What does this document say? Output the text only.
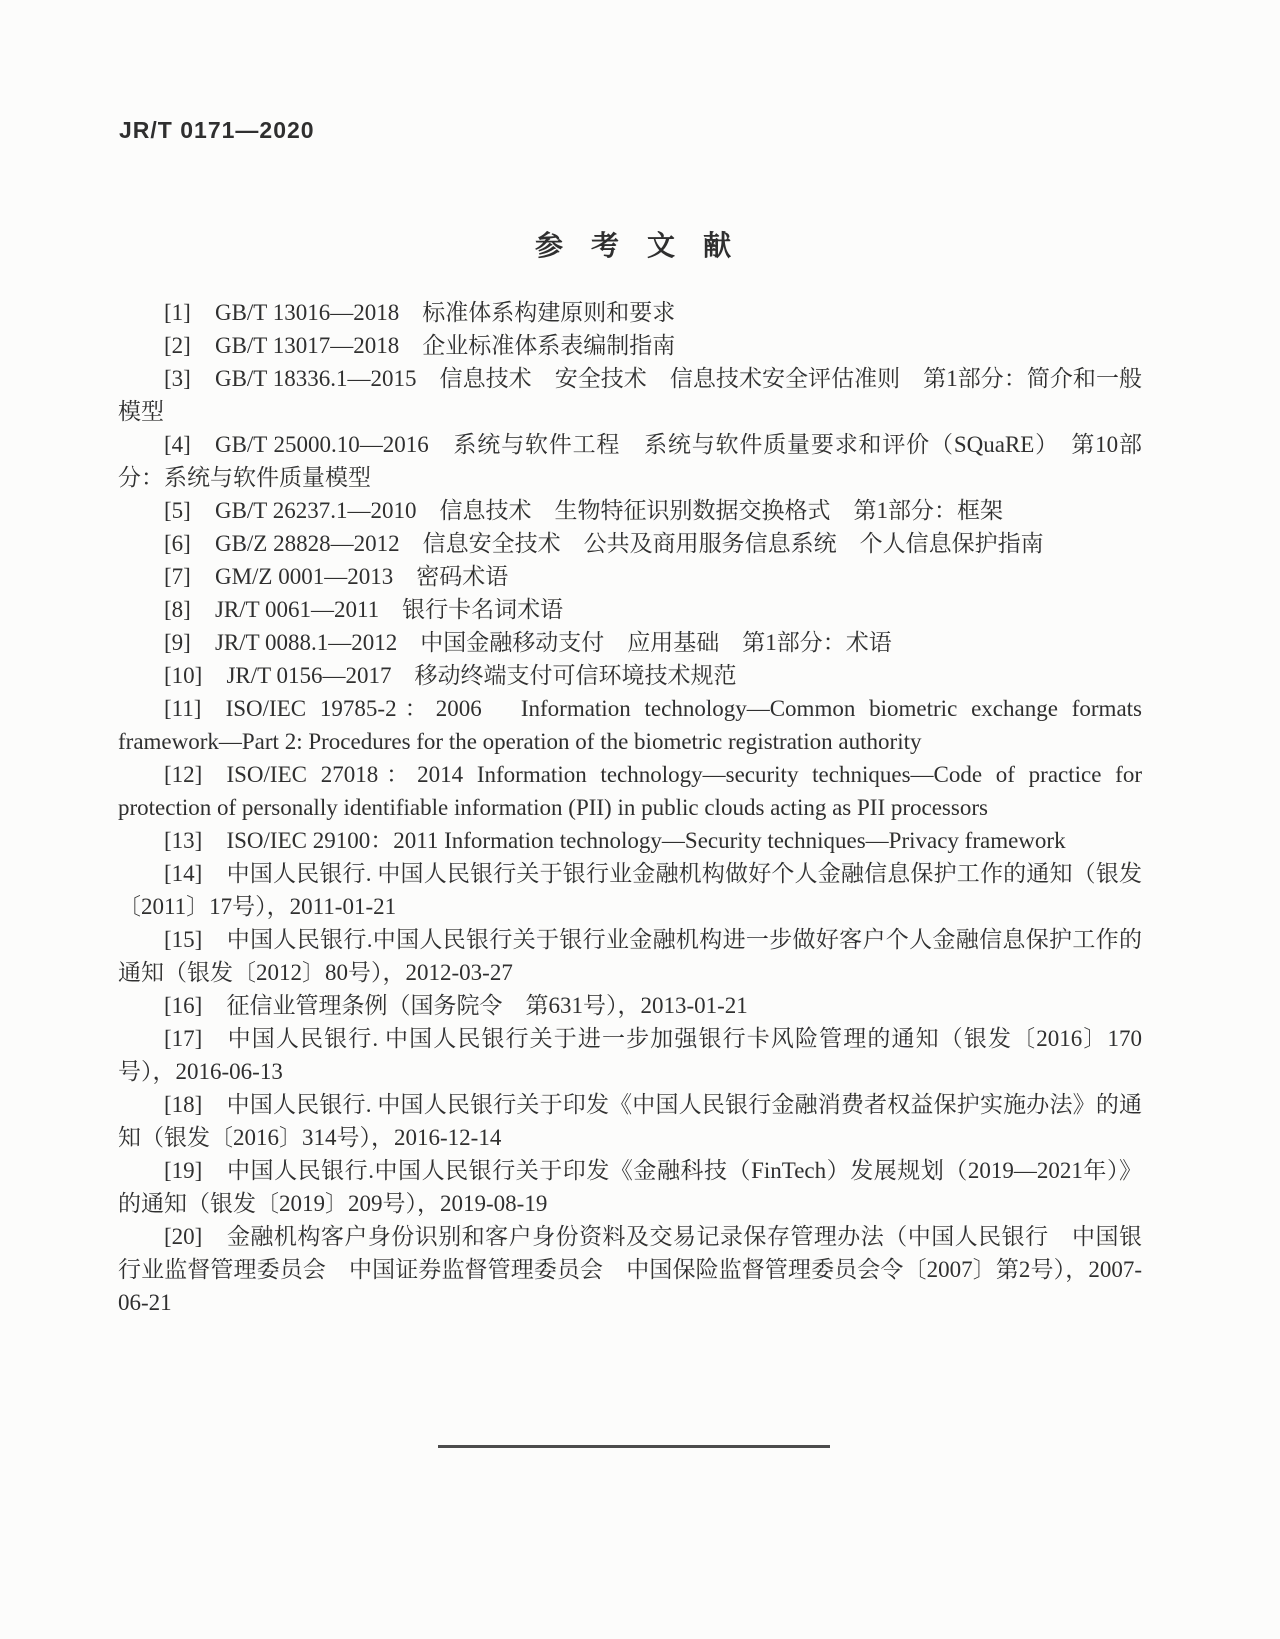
JR/T 0171—2020
参　考　文　献

[1] GB/T 13016—2018　标准体系构建原则和要求

[2] GB/T 13017—2018　企业标准体系表编制指南

[3] GB/T 18336.1—2015　信息技术　安全技术　信息技术安全评估准则　第1部分：简介和一般模型

[4] GB/T 25000.10—2016　系统与软件工程　系统与软件质量要求和评价（SQuaRE）　第10部分：系统与软件质量模型

[5] GB/T 26237.1—2010　信息技术　生物特征识别数据交换格式　第1部分：框架

[6] GB/Z 28828—2012　信息安全技术　公共及商用服务信息系统　个人信息保护指南

[7] GM/Z 0001—2013　密码术语

[8] JR/T 0061—2011　银行卡名词术语

[9] JR/T 0088.1—2012　中国金融移动支付　应用基础　第1部分：术语

[10] JR/T 0156—2017　移动终端支付可信环境技术规范

[11] ISO/IEC 19785-2：2006　Information technology—Common biometric exchange formats framework—Part 2: Procedures for the operation of the biometric registration authority

[12] ISO/IEC 27018：2014 Information technology—security techniques—Code of practice for protection of personally identifiable information (PII) in public clouds acting as PII processors

[13] ISO/IEC 29100：2011 Information technology—Security techniques—Privacy framework

[14] 中国人民银行. 中国人民银行关于银行业金融机构做好个人金融信息保护工作的通知（银发〔2011〕17号），2011-01-21

[15] 中国人民银行.中国人民银行关于银行业金融机构进一步做好客户个人金融信息保护工作的通知（银发〔2012〕80号），2012-03-27

[16] 征信业管理条例（国务院令　第631号），2013-01-21

[17] 中国人民银行. 中国人民银行关于进一步加强银行卡风险管理的通知（银发〔2016〕170号），2016-06-13

[18] 中国人民银行. 中国人民银行关于印发《中国人民银行金融消费者权益保护实施办法》的通知（银发〔2016〕314号），2016-12-14

[19] 中国人民银行.中国人民银行关于印发《金融科技（FinTech）发展规划（2019—2021年）》的通知（银发〔2019〕209号），2019-08-19

[20] 金融机构客户身份识别和客户身份资料及交易记录保存管理办法（中国人民银行　中国银行业监督管理委员会　中国证券监督管理委员会　中国保险监督管理委员会令〔2007〕第2号），2007-06-21
